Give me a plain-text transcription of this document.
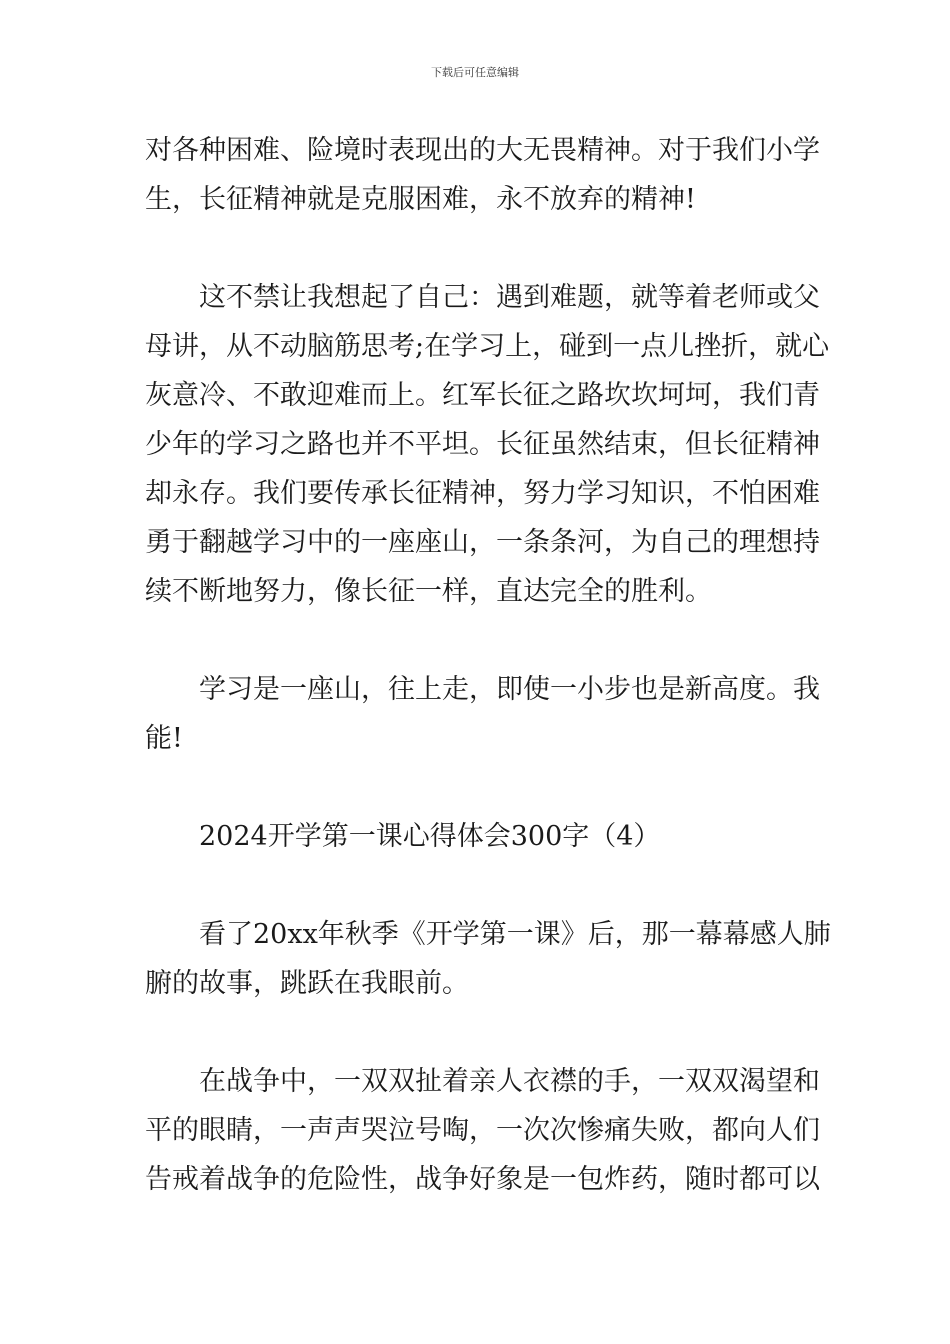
下载后可任意编辑
对各种困难、险境时表现出的大无畏精神。对于我们小学
生，长征精神就是克服困难，永不放弃的精神!
这不禁让我想起了自己：遇到难题，就等着老师或父
母讲，从不动脑筋思考;在学习上，碰到一点儿挫折，就心
灰意冷、不敢迎难而上。红军长征之路坎坎坷坷，我们青
少年的学习之路也并不平坦。长征虽然结束，但长征精神
却永存。我们要传承长征精神，努力学习知识，不怕困难
勇于翻越学习中的一座座山，一条条河，为自己的理想持
续不断地努力，像长征一样，直达完全的胜利。
学习是一座山，往上走，即使一小步也是新高度。我
能!
2024开学第一课心得体会300字（4）
看了20xx年秋季《开学第一课》后，那一幕幕感人肺
腑的故事，跳跃在我眼前。
在战争中，一双双扯着亲人衣襟的手，一双双渴望和
平的眼睛，一声声哭泣号啕，一次次惨痛失败，都向人们
告戒着战争的危险性，战争好象是一包炸药，随时都可以
